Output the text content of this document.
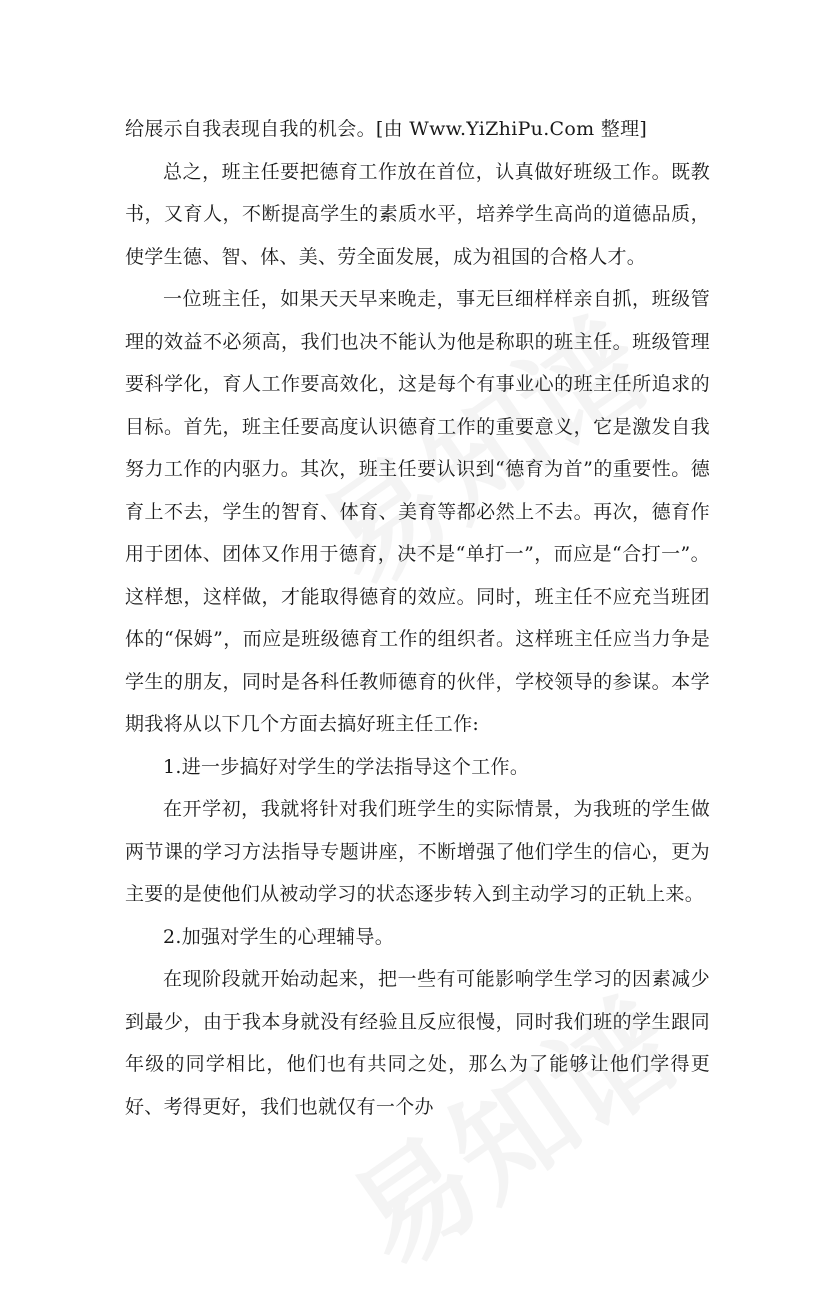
给展示自我表现自我的机会。[由 Www.YiZhiPu.Com 整理]

总之，班主任要把德育工作放在首位，认真做好班级工作。既教书，又育人，不断提高学生的素质水平，培养学生高尚的道德品质，使学生德、智、体、美、劳全面发展，成为祖国的合格人才。

一位班主任，如果天天早来晚走，事无巨细样样亲自抓，班级管理的效益不必须高，我们也决不能认为他是称职的班主任。班级管理要科学化，育人工作要高效化，这是每个有事业心的班主任所追求的目标。首先，班主任要高度认识德育工作的重要意义，它是激发自我努力工作的内驱力。其次，班主任要认识到“德育为首”的重要性。德育上不去，学生的智育、体育、美育等都必然上不去。再次，德育作用于团体、团体又作用于德育，决不是“单打一”，而应是“合打一”。这样想，这样做，才能取得德育的效应。同时，班主任不应充当班团体的“保姆”，而应是班级德育工作的组织者。这样班主任应当力争是学生的朋友，同时是各科任教师德育的伙伴，学校领导的参谋。本学期我将从以下几个方面去搞好班主任工作:

1.进一步搞好对学生的学法指导这个工作。

在开学初，我就将针对我们班学生的实际情景，为我班的学生做两节课的学习方法指导专题讲座，不断增强了他们学生的信心，更为主要的是使他们从被动学习的状态逐步转入到主动学习的正轨上来。

2.加强对学生的心理辅导。

在现阶段就开始动起来，把一些有可能影响学生学习的因素减少到最少，由于我本身就没有经验且反应很慢，同时我们班的学生跟同年级的同学相比，他们也有共同之处，那么为了能够让他们学得更好、考得更好，我们也就仅有一个办
